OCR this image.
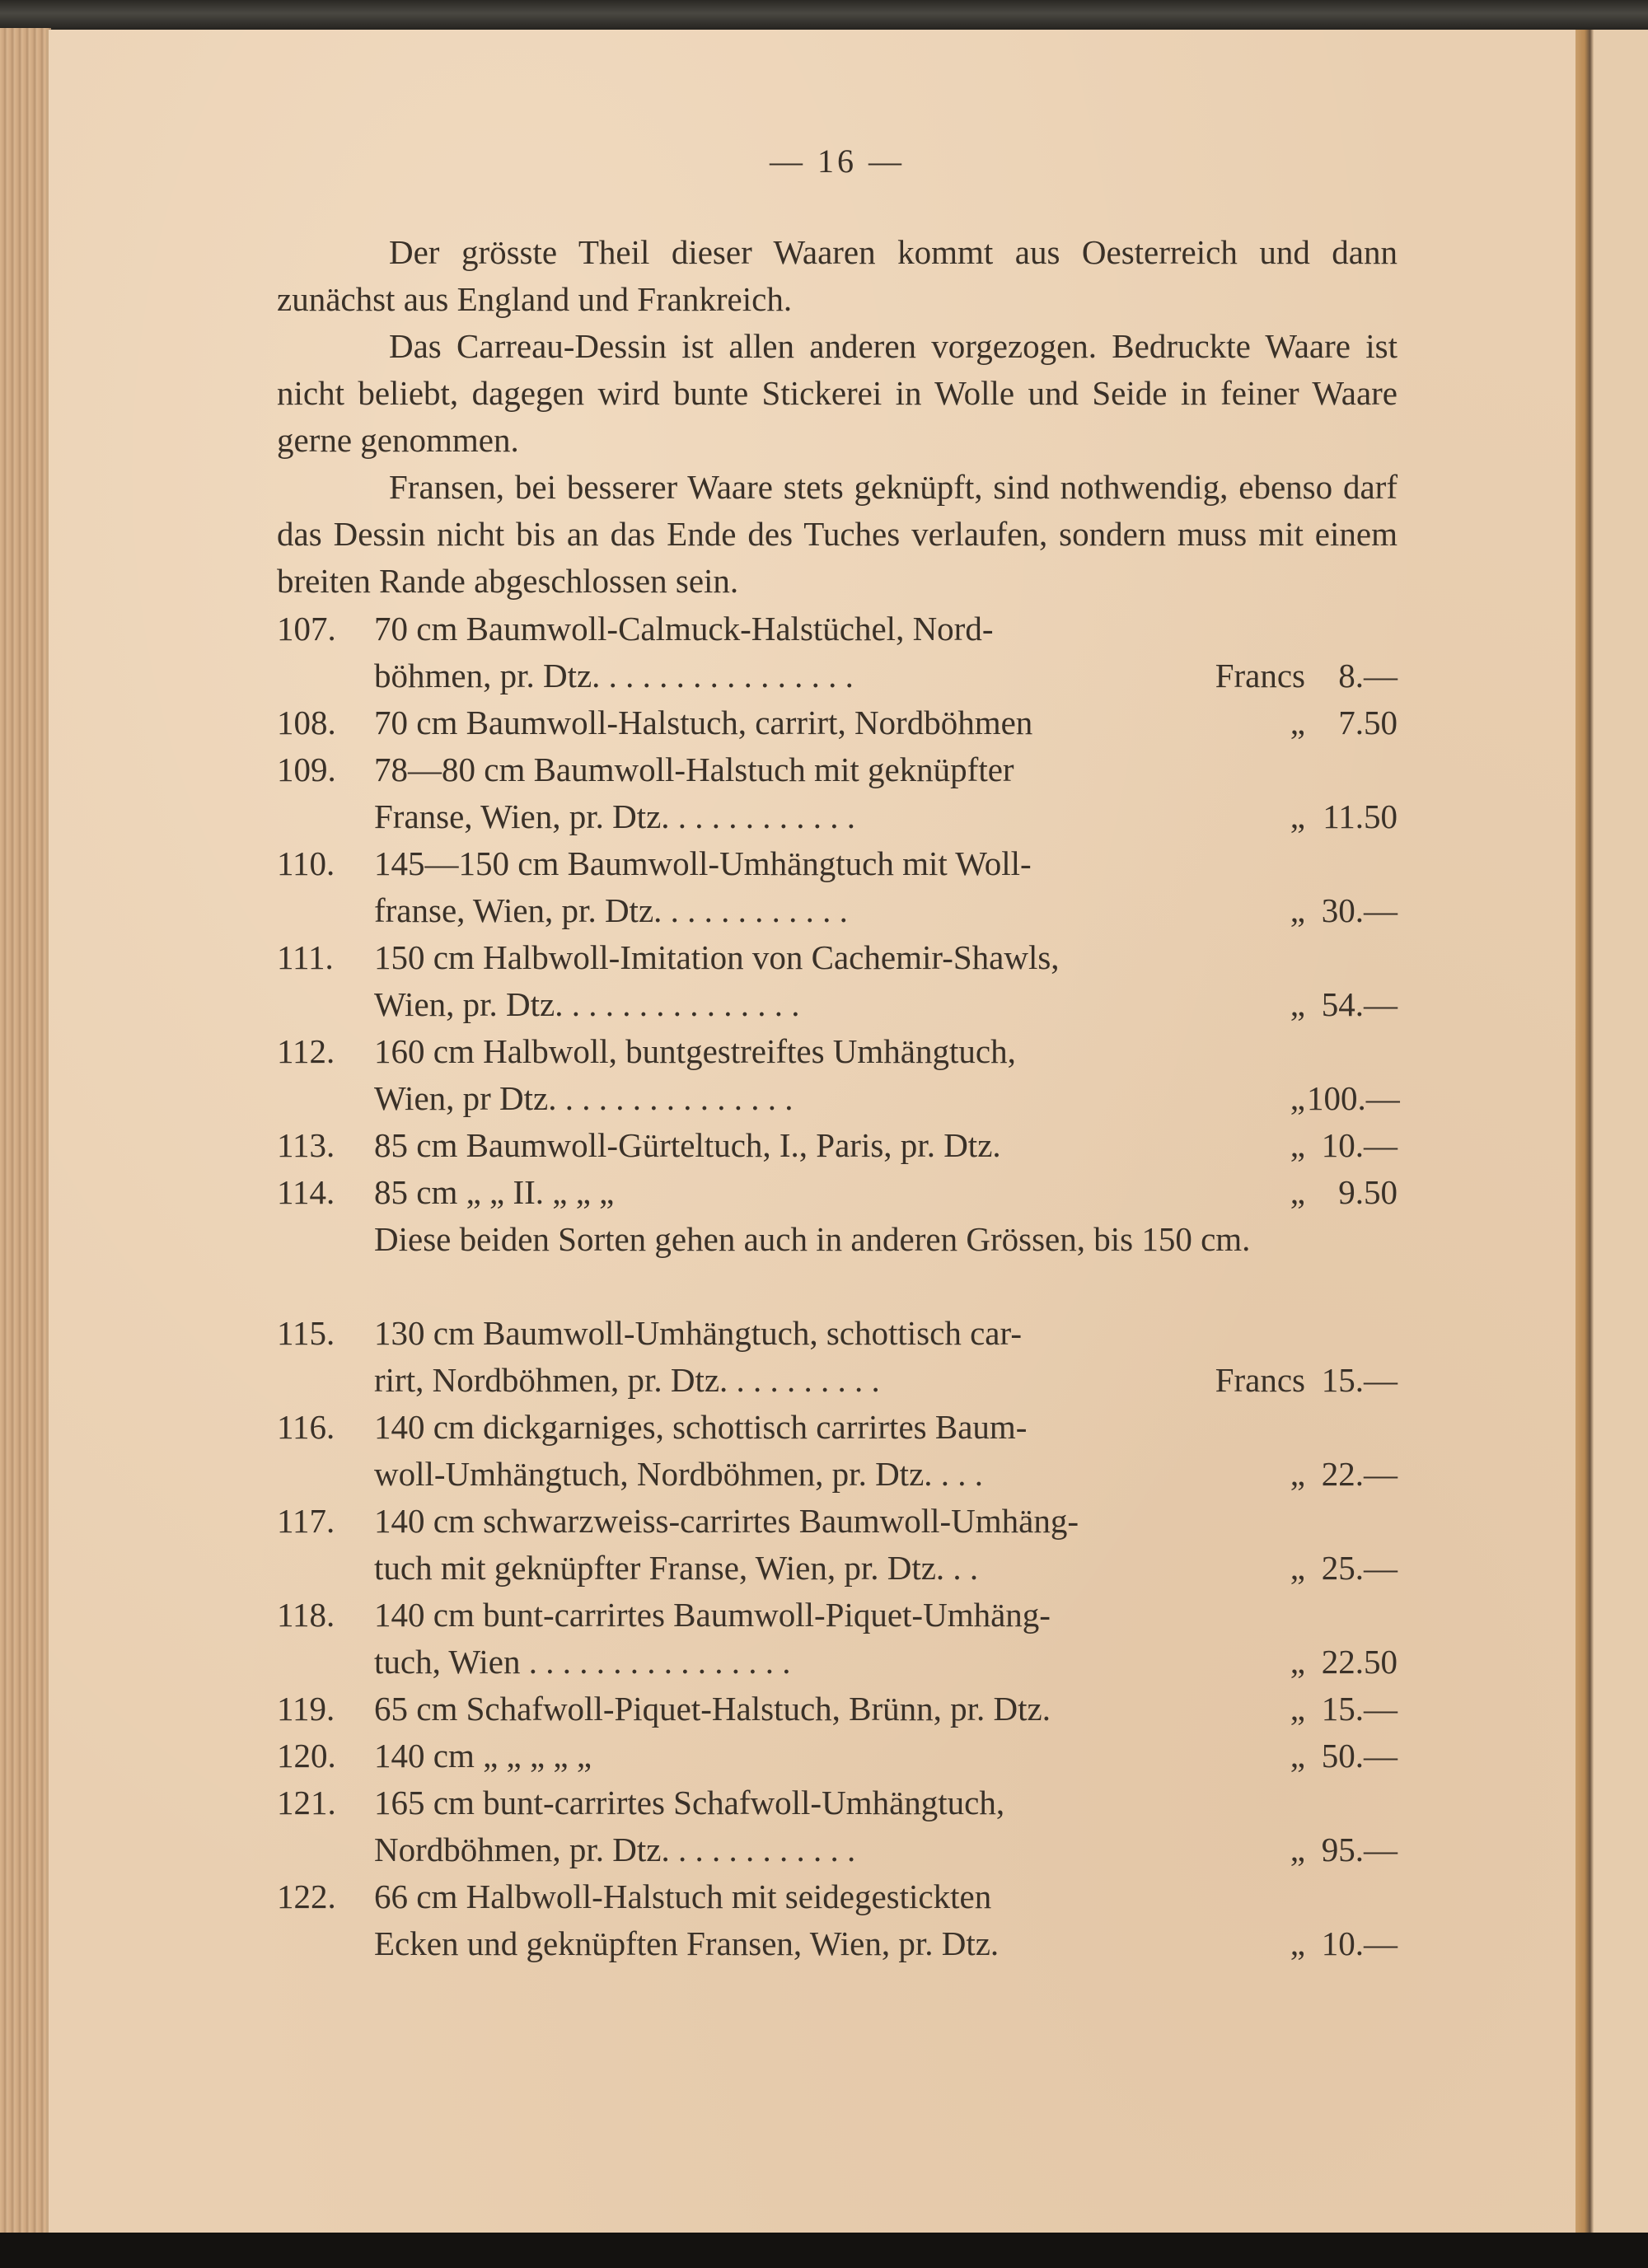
— 16 —
Der grösste Theil dieser Waaren kommt aus Oesterreich und dann zunächst aus England und Frankreich.
Das Carreau-Dessin ist allen anderen vorgezogen. Bedruckte Waare ist nicht beliebt, dagegen wird bunte Stickerei in Wolle und Seide in feiner Waare gerne genommen.
Fransen, bei besserer Waare stets geknüpft, sind nothwendig, ebenso darf das Dessin nicht bis an das Ende des Tuches verlaufen, sondern muss mit einem breiten Rande abgeschlossen sein.
107.	70 cm Baumwoll-Calmuck-Halstüchel, Nord-
böhmen, pr. Dtz. . . . . . . . . . . . . . . .	Francs 8.—
108.	70 cm Baumwoll-Halstuch, carrirt, Nordböhmen	„ 7.50
109.	78—80 cm Baumwoll-Halstuch mit geknüpfter
Franse, Wien, pr. Dtz. . . . . . . . . . . .	„ 11.50
110.	145—150 cm Baumwoll-Umhängtuch mit Woll-
franse, Wien, pr. Dtz. . . . . . . . . . . .	„ 30.—
111.	150 cm Halbwoll-Imitation von Cachemir-Shawls,
Wien, pr. Dtz. . . . . . . . . . . . . . .	„ 54.—
112.	160 cm Halbwoll, buntgestreiftes Umhängtuch,
Wien, pr Dtz. . . . . . . . . . . . . . .	„ 100.—
113.	85 cm Baumwoll-Gürteltuch, I., Paris, pr. Dtz.	„ 10.—
114.	85 cm „ „ II. „ „ „	„ 9.50
Diese beiden Sorten gehen auch in anderen Grössen, bis 150 cm.
115.	130 cm Baumwoll-Umhängtuch, schottisch car-
rirt, Nordböhmen, pr. Dtz. . . . . . . . . .	Francs 15.—
116.	140 cm dickgarniges, schottisch carrirtes Baum-
woll-Umhängtuch, Nordböhmen, pr. Dtz. . . .	„ 22.—
117.	140 cm schwarzweiss-carrirtes Baumwoll-Umhäng-
tuch mit geknüpfter Franse, Wien, pr. Dtz. . .	„ 25.—
118.	140 cm bunt-carrirtes Baumwoll-Piquet-Umhäng-
tuch, Wien . . . . . . . . . . . . . . . .	„ 22.50
119.	65 cm Schafwoll-Piquet-Halstuch, Brünn, pr. Dtz.	„ 15.—
120.	140 cm „ „ „ „ „	„ 50.—
121.	165 cm bunt-carrirtes Schafwoll-Umhängtuch,
Nordböhmen, pr. Dtz. . . . . . . . . . . .	„ 95.—
122.	66 cm Halbwoll-Halstuch mit seidegestickten
Ecken und geknüpften Fransen, Wien, pr. Dtz.	„ 10.—
